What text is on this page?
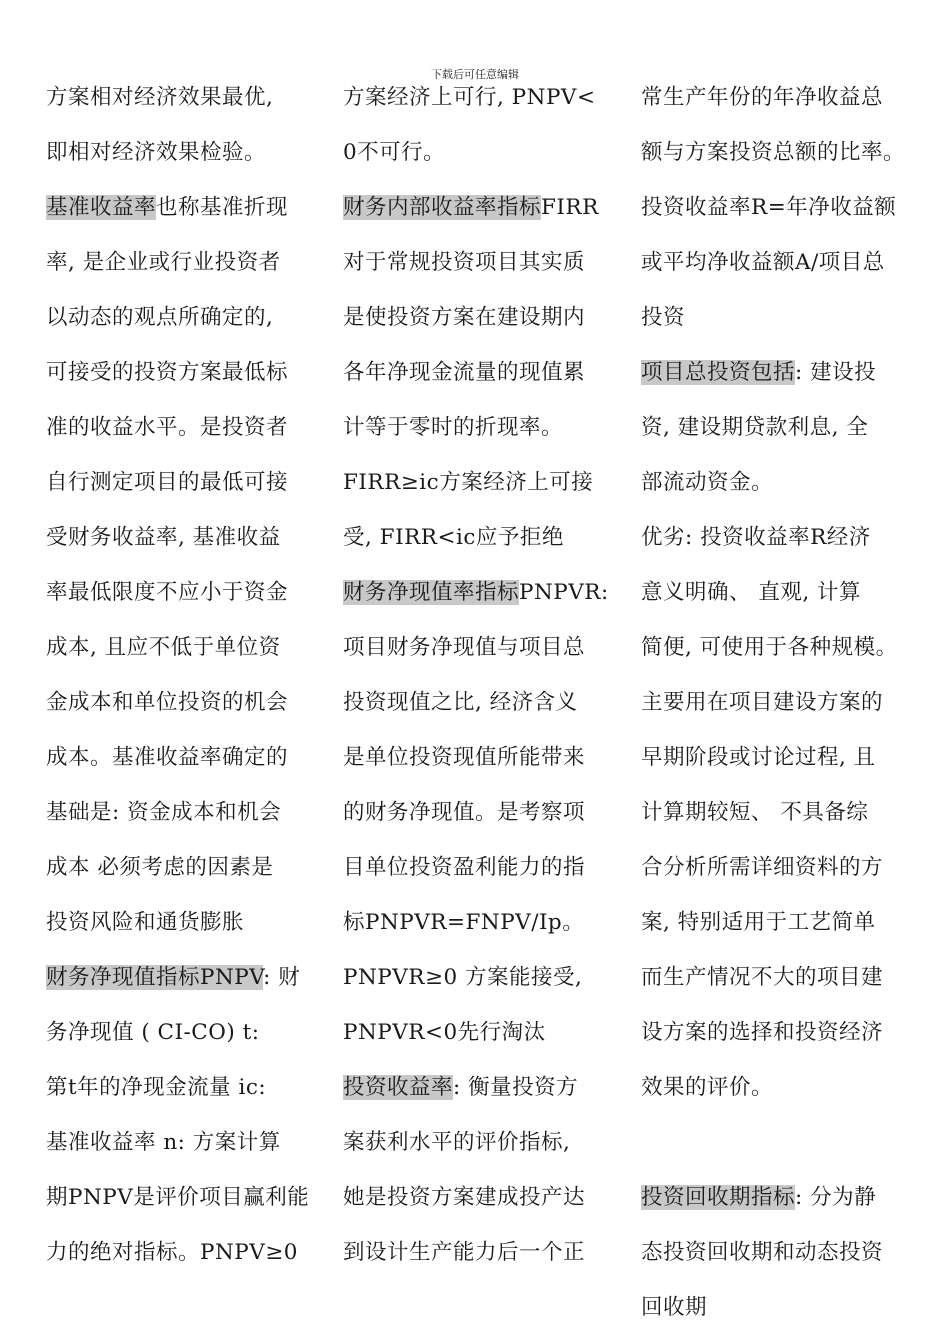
下载后可任意编辑
方案相对经济效果最优,
即相对经济效果检验。
基准收益率也称基准折现
率, 是企业或行业投资者
以动态的观点所确定的,
可接受的投资方案最低标
准的收益水平。是投资者
自行测定项目的最低可接
受财务收益率, 基准收益
率最低限度不应小于资金
成本, 且应不低于单位资
金成本和单位投资的机会
成本。基准收益率确定的
基础是: 资金成本和机会
成本 必须考虑的因素是
投资风险和通货膨胀
财务净现值指标PNPV: 财
务净现值 ( CI-CO) t:
第t年的净现金流量 ic:
基准收益率 n: 方案计算
期PNPV是评价项目赢利能
力的绝对指标。PNPV≥0
方案经济上可行, PNPV<
0不可行。
财务内部收益率指标FIRR
对于常规投资项目其实质
是使投资方案在建设期内
各年净现金流量的现值累
计等于零时的折现率。
FIRR≥ic方案经济上可接
受, FIRR<ic应予拒绝
财务净现值率指标PNPVR:
项目财务净现值与项目总
投资现值之比, 经济含义
是单位投资现值所能带来
的财务净现值。是考察项
目单位投资盈利能力的指
标PNPVR=FNPV/Ip。
PNPVR≥0 方案能接受,
PNPVR<0先行淘汰
投资收益率: 衡量投资方
案获利水平的评价指标,
她是投资方案建成投产达
到设计生产能力后一个正
常生产年份的年净收益总
额与方案投资总额的比率。
投资收益率R=年净收益额
或平均净收益额A/项目总
投资
项目总投资包括: 建设投
资, 建设期贷款利息, 全
部流动资金。
优劣: 投资收益率R经济
意义明确、 直观, 计算
简便, 可使用于各种规模。
主要用在项目建设方案的
早期阶段或讨论过程, 且
计算期较短、 不具备综
合分析所需详细资料的方
案, 特别适用于工艺简单
而生产情况不大的项目建
设方案的选择和投资经济
效果的评价。
投资回收期指标: 分为静
态投资回收期和动态投资
回收期
